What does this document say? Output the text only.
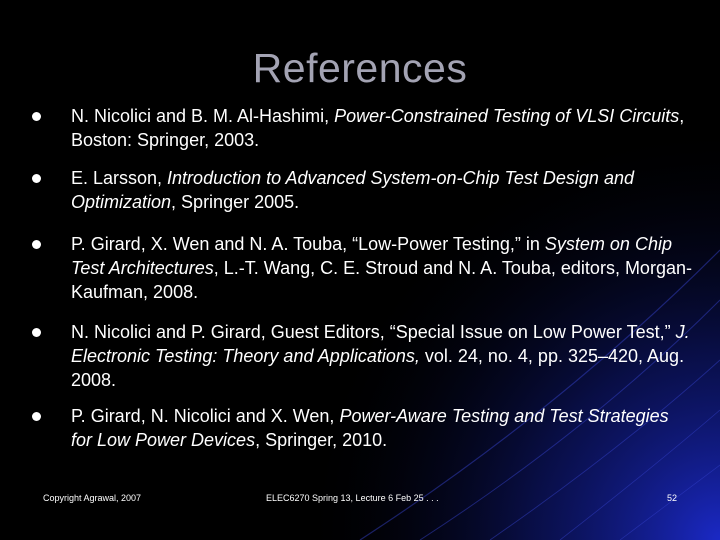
References
N. Nicolici and B. M. Al-Hashimi, Power-Constrained Testing of VLSI Circuits, Boston: Springer, 2003.
E. Larsson, Introduction to Advanced System-on-Chip Test Design and Optimization, Springer 2005.
P. Girard, X. Wen and N. A. Touba, “Low-Power Testing,” in System on Chip Test Architectures, L.-T. Wang, C. E. Stroud and N. A. Touba, editors, Morgan-Kaufman, 2008.
N. Nicolici and P. Girard, Guest Editors, “Special Issue on Low Power Test,” J. Electronic Testing: Theory and Applications, vol. 24, no. 4, pp. 325–420, Aug. 2008.
P. Girard, N. Nicolici and X. Wen, Power-Aware Testing and Test Strategies for Low Power Devices, Springer, 2010.
Copyright Agrawal, 2007	ELEC6270 Spring 13, Lecture 6 Feb 25 . . .	52
